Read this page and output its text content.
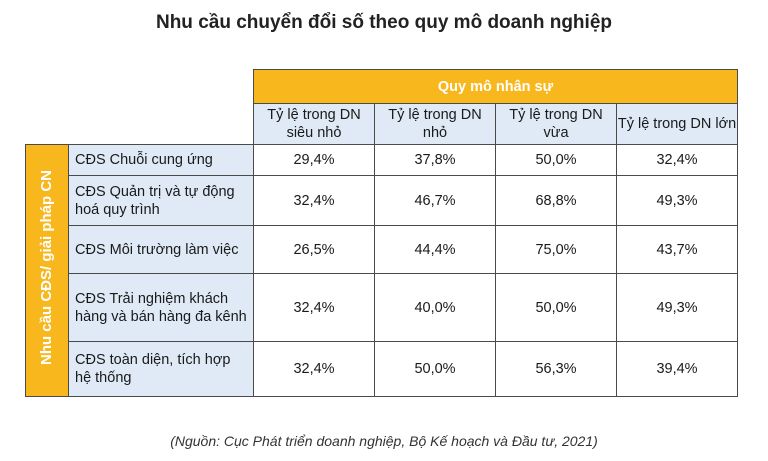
Nhu cầu chuyển đổi số theo quy mô doanh nghiệp
		Quy mô nhân sự			
		Tỷ lệ trong DN siêu nhỏ	Tỷ lệ trong DN nhỏ	Tỷ lệ trong DN vừa	Tỷ lệ trong DN lớn
Nhu cầu CĐS/ giải pháp CN	CĐS Chuỗi cung ứng	29,4%	37,8%	50,0%	32,4%
	CĐS Quản trị và tự động hoá quy trình	32,4%	46,7%	68,8%	49,3%
	CĐS Môi trường làm việc	26,5%	44,4%	75,0%	43,7%
	CĐS Trải nghiệm khách hàng và bán hàng đa kênh	32,4%	40,0%	50,0%	49,3%
	CĐS toàn diện, tích hợp hệ thống	32,4%	50,0%	56,3%	39,4%
(Nguồn: Cục Phát triển doanh nghiệp, Bộ Kế hoạch và Đầu tư, 2021)
